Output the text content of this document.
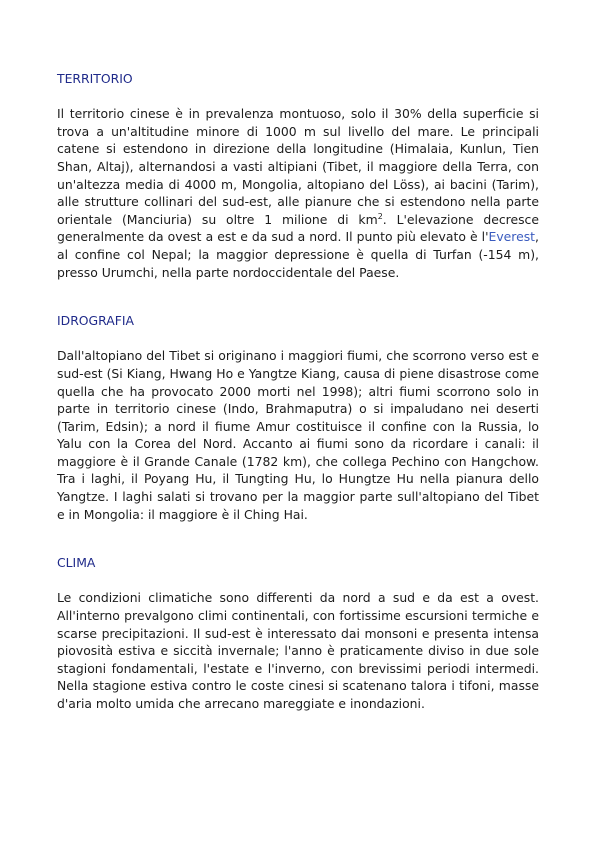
TERRITORIO

Il territorio cinese è in prevalenza montuoso, solo il 30% della superficie si trova a un'altitudine minore di 1000 m sul livello del mare. Le principali catene si estendono in direzione della longitudine (Himalaia, Kunlun, Tien Shan, Altaj), alternandosi a vasti altipiani (Tibet, il maggiore della Terra, con un'altezza media di 4000 m, Mongolia, altopiano del Löss), ai bacini (Tarim), alle strutture collinari del sud-est, alle pianure che si estendono nella parte orientale (Manciuria) su oltre 1 milione di $km^2$. L'elevazione decresce generalmente da ovest a est e da sud a nord. Il punto più elevato è l'Everest, al confine col Nepal; la maggior depressione è quella di Turfan (-154 m), presso Urumchi, nella parte nordoccidentale del Paese.

IDROGRAFIA

Dall'altopiano del Tibet si originano i maggiori fiumi, che scorrono verso est e sud-est (Si Kiang, Hwang Ho e Yangtze Kiang, causa di piene disastrose come quella che ha provocato 2000 morti nel 1998); altri fiumi scorrono solo in parte in territorio cinese (Indo, Brahmaputra) o si impaludano nei deserti (Tarim, Edsin); a nord il fiume Amur costituisce il confine con la Russia, lo Yalu con la Corea del Nord. Accanto ai fiumi sono da ricordare i canali: il maggiore è il Grande Canale (1782 km), che collega Pechino con Hangchow. Tra i laghi, il Poyang Hu, il Tungting Hu, lo Hungtze Hu nella pianura dello Yangtze. I laghi salati si trovano per la maggior parte sull'altopiano del Tibet e in Mongolia: il maggiore è il Ching Hai.

CLIMA

Le condizioni climatiche sono differenti da nord a sud e da est a ovest. All'interno prevalgono climi continentali, con fortissime escursioni termiche e scarse precipitazioni. Il sud-est è interessato dai monsoni e presenta intensa piovosità estiva e siccità invernale; l'anno è praticamente diviso in due sole stagioni fondamentali, l'estate e l'inverno, con brevissimi periodi intermedi. Nella stagione estiva contro le coste cinesi si scatenano talora i tifoni, masse d'aria molto umida che arrecano mareggiate e inondazioni.
